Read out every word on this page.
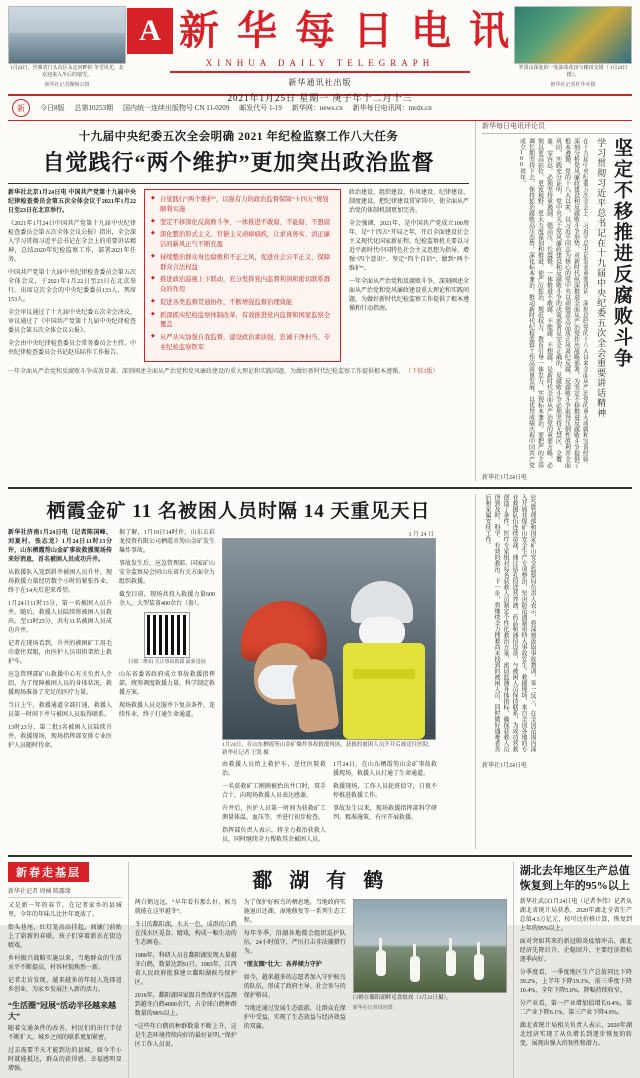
1月24日，世寨省门头沟区永定河畔的 冬雪风光，北京迎来入冬后的瑞雪。
新华社记者鞠焕宗摄
A 新 华 每 日 电 讯
XINHUA DAILY TELEGRAPH
新华通讯社出版
2021年1月25日 星期一 庚子年十二月十三
罗霄山深处的一处油菜花田与梯田交错（ 1月24日摄）。
新华社记者杜华举摄
新	今日8版 总第10253期 国内统一连续出版物号 CN 11-0209 邮发代号 1-19 新华网：news.cn 新华每日电讯网：mrdx.cn
十九届中央纪委五次全会明确 2021 年纪检监察工作八大任务
自觉践行“两个维护”更加突出政治监督

新华社北京1月24日电 中国共产党第十九届中央纪律检查委员会第五次全体会议于2021年1月22日至23日在北京举行。

《2021年1月24日中国共产党第十九届中央纪律检查委员会第五次全体会议公报》指出，全会深入学习贯彻习近平总书记在全会上的重要讲话精神，总结2020年纪检监察工作，部署2021年任务。

中国共产党第十九届中央纪律检查委员会第五次全体会议，于2021年1月22日至23日在北京举行。出席这次全会的中央纪委委员133人，列席153人。

全会审议通过了十九届中央纪委五次全会决议，审议通过了《中国共产党第十九届中央纪律检查委员会第五次全体会议公报》。

全会由中央纪律检查委员会常务委员会主持。中央纪律检查委员会书记赵乐际作工作报告。

◆ 自觉践行“两个维护”，以强有力的政治监督保障“十四五”规划顺利实施
◆ 坚定不移深化反腐败斗争，一体推进不敢腐、不能腐、不想腐
◆ 深化整治形式主义、官僚主义顽瘴痼疾，让求真务实、清正廉洁的新风正气不断充盈
◆ 持续整治群众身边腐败和不正之风，促进社会公平正义、保障群众合法权益
◆ 推进政治巡视上下联动，充分发挥党内监督利剑和密切联系群众的作用
◆ 促进各类监督贯通协作，不断增强监督治理效能
◆ 抓深抓实纪检监察体制改革，有效推进党内监督和国家监察全覆盖
◆ 从严从实加强自我监督，建设政治素质强、忠诚干净担当、专业纪检监察铁军

政治建设、组织建设、作风建设、纪律建设、制度建设，把纪律建设贯穿其中，使全面从严治党的体制机制更加完善。

全会强调，2021年，是中国共产党成立100周年，是“十四五”开局之年，开启全面建设社会主义现代化国家新征程。纪检监察机关要以习近平新时代中国特色社会主义思想为指导，增强“四个意识”、坚定“四个自信”、做到“两个维护”。

一年全面从严治党和反腐败斗争，深刻阐述全面从严治党和党风廉政建设重大理论和实践问题，为做好新时代纪检监察工作提供了根本遵循和行动指南。

一年全面从严治党和反腐败斗争成效显著。深刻阐述全面从严治党和党风廉政建设的重大理论和实践问题，为做好新时代纪检监察工作提供根本遵循。 （下转3版）
新华每日电讯评论员
坚定不移推进反腐败斗争
学习贯彻习近平总书记在十九届中央纪委五次全会重要讲话精神
在十九届中央纪委五次全会上，习近平总书记发表重要讲话，深刻总结党的十八大以来全面从严治党的重大成就和宝贵经验，深刻分析党风廉政建设和反腐败斗争形势，对新时代纵深推进全面从严治党作出战略部署，为坚定不移推进反腐败斗争提供了根本遵循。党的十八大以来，以习近平同志为核心的党中央以顽强意志品质正风肃纪反腐，反腐败斗争取得压倒性胜利并全面巩固。实践充分证明，党中央关于党风廉政建设和反腐败斗争的决策部署是完全正确的，反腐败斗争必须坚持无禁区、全覆盖、零容忍，必须坚持重遏制、强高压、长震慑。一体推进不敢腐、不能腐、不想腐，是新时代全面从严治党的重要方略，必须以更高站位、更宽视野、更大力度谋划和推进，使严厉惩治、规范权力、教育引导一体发力，实现标本兼治。要把严的主基调长期坚持下去，保持惩治腐败高压态势，深化标本兼治，推动新时代纪检监察工作高质量发展，以优异成绩庆祝中国共产党成立100周年。
新华社1月24日电
栖霞金矿 11 名被困人员时隔 14 天重见天日

新华社济南1月24日电（记者陈国峰、刘夏村、张志龙）1月24日11时13分许，山东栖霞笏山金矿事故救援现场传来好消息，首名被困人员成功升井。

从救援队入笼到斜井被困人员升井，现场救援力量经历数个小时的紧张作业，终于在14天后迎来希望。

1月24日11时13分，第一名被困人员升井。随后，救援人员陆续将被困人员救出。至13时25分，共有11名被困人员成功升井。

记者在现场看到，升井的被困矿工用毛巾蒙住双眼，由医护人员用担架抬上救护车。

应急管理部矿山救援中心有关负责人介绍，为了保障被困人员的身体状况，救援现场准备了充足的医疗力量。

当日上午，救援通道全部打通，救援人员第一时间下井与被困人员取得联系。

13时23分，第二批3名被困人员陆续升井。救援现场，现场指挥部安排专业医护人员随时待命。

据了解，1月10日14时许，山东五彩龙投资有限公司栖霞市笏山金矿发生爆炸事故。

事故发生后，应急管理部、国家矿山安全监察局会同山东省有关方面全力组织救援。

截至目前，现场共投入救援力量600余人，大型装备400余台（套）。

扫描二维码 关注事故救援 最新进展

山东省委省政府成立事故救援指挥部，统筹调度救援力量，科学制定救援方案。

现场救援人员克服井下复杂条件，连续作业，终于打通生命通道。

1 月 24 日
1月24日，在山东栖霞笏山金矿爆炸事故救援现场，获救的被困人员升井后被送往医院。 新华社记者 王凯 摄

由救援人员抬上救护车，送往医院救治。

一名获救矿工刚刚被抬出井口时，双手合十，向现场救援人员表达感谢。

升井后，医护人员第一时间为获救矿工测量体温、血压等，并进行初步检查。

指挥部负责人表示，将全力救治获救人员，同时继续全力搜救其余被困人员。

1月24日，在山东栖霞笏山金矿事故救援现场，救援人员打通了生命通道。

救援现场，工作人员轮班值守，日夜不停推进救援工作。

事故发生以来，现场救援指挥部科学研判、精准施策，有序开展救援。

应急管理部和国家矿山安全监察局负责人表示，将深刻汲取事故教训，举一反三，在全国范围内深入开展非煤矿山安全生产专项整治，坚决防范遏制重特大事故发生。救援现场，来自全国各地的专业救援队伍连续奋战，通过钻孔投送营养液、药品和通信设备，与被困人员保持联系，为成功营救创造了条件。医疗专家组对每名获救人员制定个性化救治方案，密切监测身体指标，确保获救人员得到及时、科学、有效的救治。下一步，将继续全力搜救尚未找到的被困人员，同时做好遇难者善后和家属安抚工作。
新华社1月24日电
新春走基层
新华社记者 周楠 陈露缘

又是新一年的春节，在记者家乡的县城里，今年的年味儿比往年更浓了。

街头巷尾，红灯笼高高挂起，商铺门前贴上了崭新的春联，孩子们穿着新衣在街边嬉戏。

乡村振兴战略实施以来，当地群众的生活水平不断提高，村容村貌焕然一新。

记者走访发现，越来越多的年轻人选择返乡创业，为家乡发展注入新的活力。

“生活圈”冠展“活动半径越来越大”

随着交通条件的改善，村民们的出行半径不断扩大，城乡之间的联系更加紧密。

过去需要半天才能到达的县城，如今半小时就能抵达，群众的获得感、幸福感明显增强。

鄱 湖 有 鹤

两白鹤远远，“早年看有那么好，候鸟就能在这里越冬”。

冬日的鄱阳湖，水天一色，成群的白鹤在浅水区觅食、嬉戏，构成一幅生动的生态画卷。

1980年，科研人员在鄱阳湖发现大量越冬白鹤，数量达到91只。1983年，江西省人民政府批准建立鄱阳湖候鸟保护区。

2016年，鄱阳湖国家级自然保护区监测到越冬白鹤4000余只，占全球白鹤种群数量的98%以上。

“这些年白鹤的种群数量不断上升，这是生态环境持续向好的最好证明。”保护区工作人员说。

为了保护好候鸟的栖息地，当地政府实施退田还湖、湿地修复等一系列生态工程。

每年冬季，沿湖各地都会组织巡护队伍，24小时值守，严厉打击非法捕猎行为。

“朋友圈”壮大：各界倾力守护

如今，越来越多的志愿者加入守护候鸟的队伍，形成了政府主导、社会参与的保护格局。

当地还通过发展生态旅游，让群众在保护中受益，实现了生态效益与经济效益的双赢。

白鹤在鄱阳湖畔觅食嬉戏（1月22日摄）。
新华社记者周密摄
湖北去年地区生产总值恢复到上年的95%以上

新华社武汉1月24日电（记者李伟）记者从湖北省统计局获悉，2020年湖北全省生产总值4.3万亿元，按可比价格计算，恢复到上年的95%以上。

面对突如其来的新冠肺炎疫情冲击，湖北经济先降后升、企稳回升，主要经济指标逐季向好。

分季度看，一季度地区生产总值同比下降39.2%，上半年下降19.3%，前三季度下降10.4%，全年下降5.0%，降幅持续收窄。

分产业看，第一产业增加值增长0.4%，第二产业下降6.1%，第三产业下降4.9%。

湖北省统计局相关负责人表示，2020年湖北经济实现了从负增长到逐步恢复的转变，展现出强大的韧性和潜力。
